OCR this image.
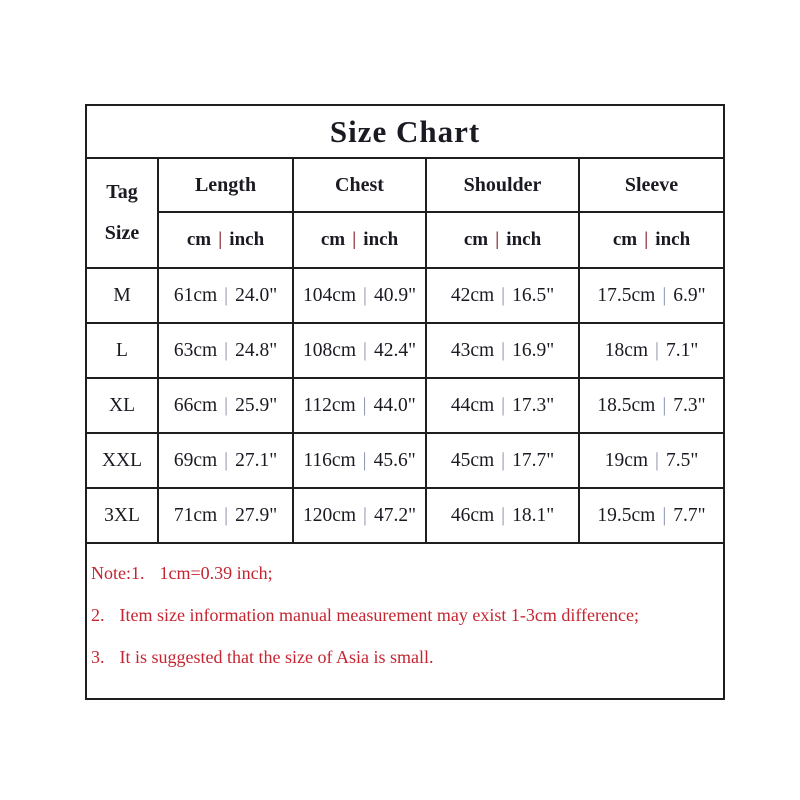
Size Chart				

Tag
Size	Length	Chest	Shoulder	Sleeve
	cm | inch	cm | inch	cm | inch	cm | inch
M	61cm | 24.0"	104cm | 40.9"	42cm | 16.5"	17.5cm | 6.9"
L	63cm | 24.8"	108cm | 42.4"	43cm | 16.9"	18cm | 7.1"
XL	66cm | 25.9"	112cm | 44.0"	44cm | 17.3"	18.5cm | 7.3"
XXL	69cm | 27.1"	116cm | 45.6"	45cm | 17.7"	19cm | 7.5"
3XL	71cm | 27.9"	120cm | 47.2"	46cm | 18.1"	19.5cm | 7.7"

Note:1. 1cm=0.39 inch;
2. Item size information manual measurement may exist 1-3cm difference;
3. It is suggested that the size of Asia is small.				
